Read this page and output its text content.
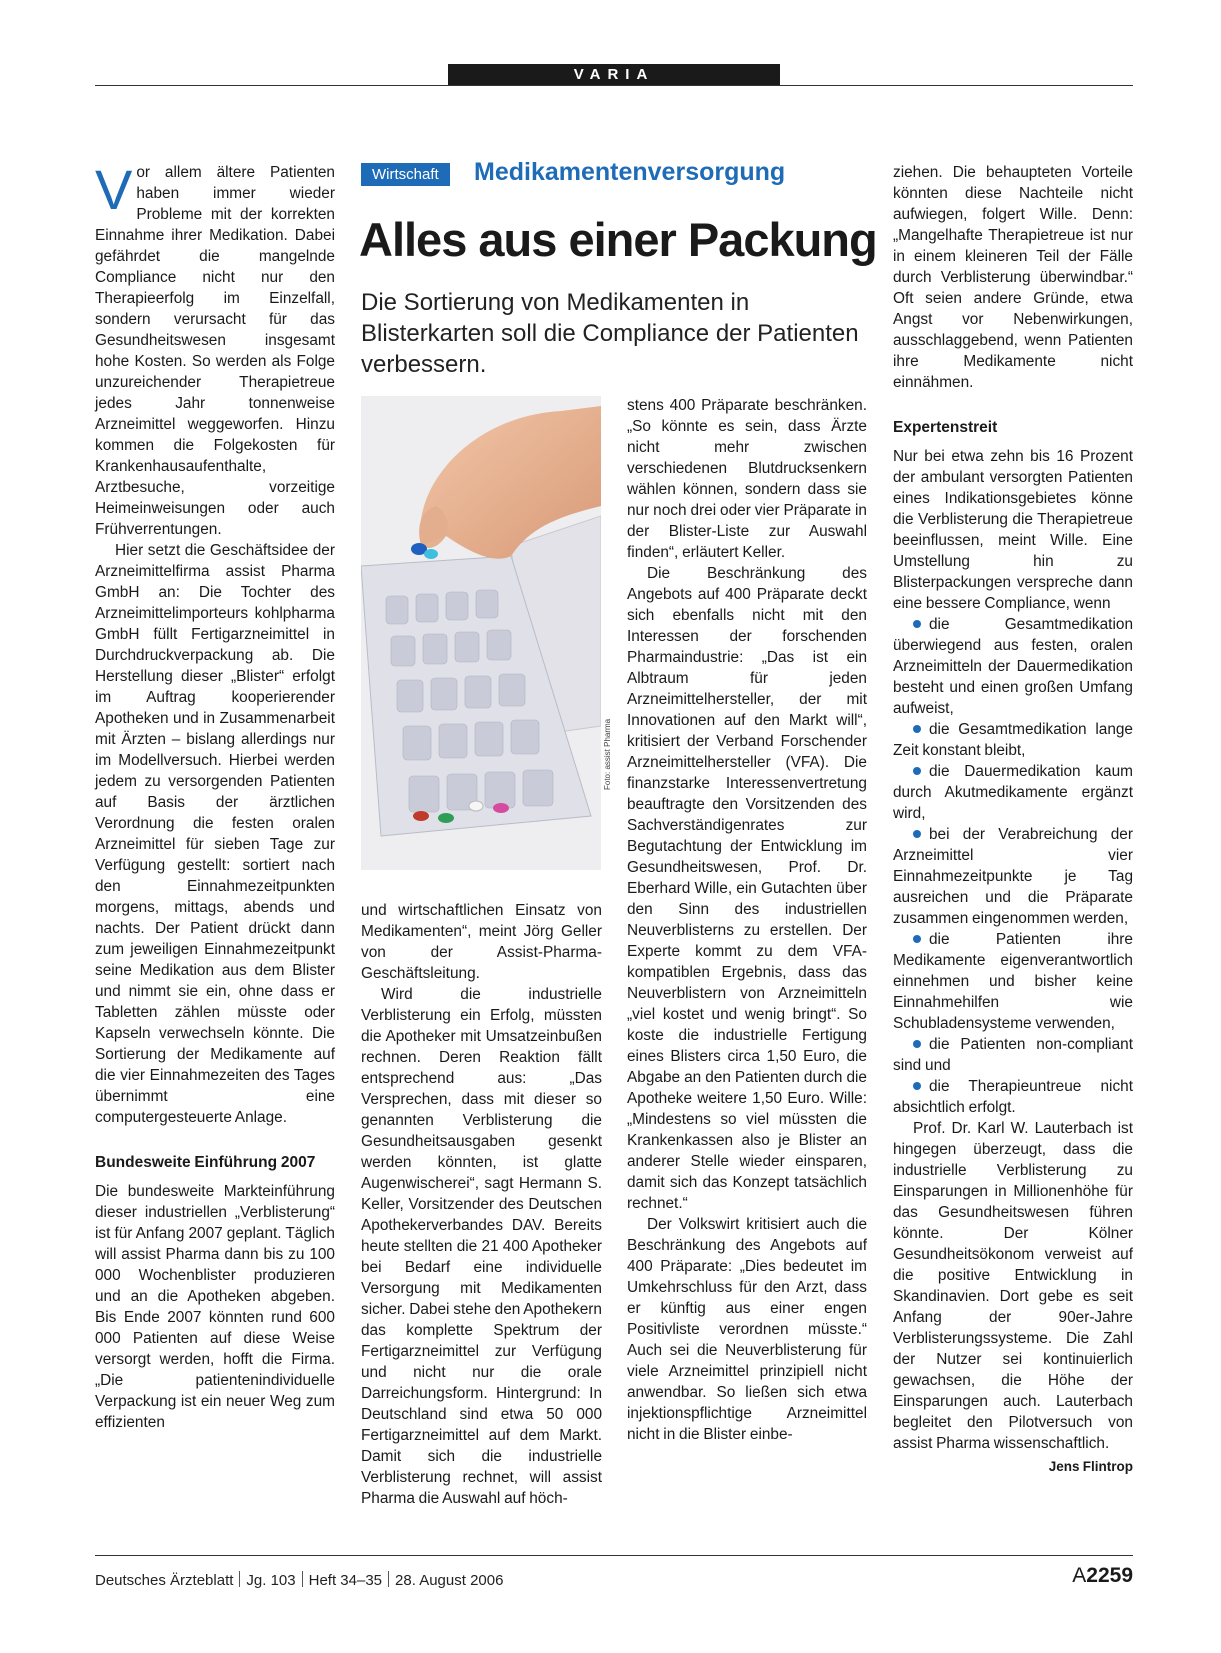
VARIA

Vor allem ältere Patienten haben immer wieder Probleme mit der korrekten Einnahme ihrer Medikation. Dabei gefährdet die mangelnde Compliance nicht nur den Therapieerfolg im Einzelfall, sondern verursacht für das Gesundheitswesen insgesamt hohe Kosten. So werden als Folge unzureichender Therapietreue jedes Jahr tonnenweise Arzneimittel weggeworfen. Hinzu kommen die Folgekosten für Krankenhausaufenthalte, Arztbesuche, vorzeitige Heimeinweisungen oder auch Frühverrentungen.

Hier setzt die Geschäftsidee der Arzneimittelfirma assist Pharma GmbH an: Die Tochter des Arzneimittelimporteurs kohlpharma GmbH füllt Fertigarzneimittel in Durchdruckverpackung ab. Die Herstellung dieser „Blister“ erfolgt im Auftrag kooperierender Apotheken und in Zusammenarbeit mit Ärzten – bislang allerdings nur im Modellversuch. Hierbei werden jedem zu versorgenden Patienten auf Basis der ärztlichen Verordnung die festen oralen Arzneimittel für sieben Tage zur Verfügung gestellt: sortiert nach den Einnahmezeitpunkten morgens, mittags, abends und nachts. Der Patient drückt dann zum jeweiligen Einnahmezeitpunkt seine Medikation aus dem Blister und nimmt sie ein, ohne dass er Tabletten zählen müsste oder Kapseln verwechseln könnte. Die Sortierung der Medikamente auf die vier Einnahmezeiten des Tages übernimmt eine computergesteuerte Anlage.

Bundesweite Einführung 2007

Die bundesweite Markteinführung dieser industriellen „Verblisterung“ ist für Anfang 2007 geplant. Täglich will assist Pharma dann bis zu 100 000 Wochenblister produzieren und an die Apotheken abgeben. Bis Ende 2007 könnten rund 600 000 Patienten auf diese Weise versorgt werden, hofft die Firma. „Die patientenindividuelle Verpackung ist ein neuer Weg zum effizienten

Wirtschaft	Medikamentenversorgung
Alles aus einer Packung
Die Sortierung von Medikamenten in Blisterkarten soll die Compliance der Patienten verbessern.
Foto: assist Pharma

und wirtschaftlichen Einsatz von Medikamenten“, meint Jörg Geller von der Assist-Pharma-Geschäftsleitung.

Wird die industrielle Verblisterung ein Erfolg, müssten die Apotheker mit Umsatzeinbußen rechnen. Deren Reaktion fällt entsprechend aus: „Das Versprechen, dass mit dieser so genannten Verblisterung die Gesundheitsausgaben gesenkt werden könnten, ist glatte Augenwischerei“, sagt Hermann S. Keller, Vorsitzender des Deutschen Apothekerverbandes DAV. Bereits heute stellten die 21 400 Apotheker bei Bedarf eine individuelle Versorgung mit Medikamenten sicher. Dabei stehe den Apothekern das komplette Spektrum der Fertigarzneimittel zur Verfügung und nicht nur die orale Darreichungsform. Hintergrund: In Deutschland sind etwa 50 000 Fertigarzneimittel auf dem Markt. Damit sich die industrielle Verblisterung rechnet, will assist Pharma die Auswahl auf höch-

stens 400 Präparate beschränken. „So könnte es sein, dass Ärzte nicht mehr zwischen verschiedenen Blutdrucksenkern wählen können, sondern dass sie nur noch drei oder vier Präparate in der Blister-Liste zur Auswahl finden“, erläutert Keller.

Die Beschränkung des Angebots auf 400 Präparate deckt sich ebenfalls nicht mit den Interessen der forschenden Pharmaindustrie: „Das ist ein Albtraum für jeden Arzneimittelhersteller, der mit Innovationen auf den Markt will“, kritisiert der Verband Forschender Arzneimittelhersteller (VFA). Die finanzstarke Interessenvertretung beauftragte den Vorsitzenden des Sachverständigenrates zur Begutachtung der Entwicklung im Gesundheitswesen, Prof. Dr. Eberhard Wille, ein Gutachten über den Sinn des industriellen Neuverblisterns zu erstellen. Der Experte kommt zu dem VFA-kompatiblen Ergebnis, dass das Neuverblistern von Arzneimitteln „viel kostet und wenig bringt“. So koste die industrielle Fertigung eines Blisters circa 1,50 Euro, die Abgabe an den Patienten durch die Apotheke weitere 1,50 Euro. Wille: „Mindestens so viel müssten die Krankenkassen also je Blister an anderer Stelle wieder einsparen, damit sich das Konzept tatsächlich rechnet.“

Der Volkswirt kritisiert auch die Beschränkung des Angebots auf 400 Präparate: „Dies bedeutet im Umkehrschluss für den Arzt, dass er künftig aus einer engen Positivliste verordnen müsste.“ Auch sei die Neuverblisterung für viele Arzneimittel prinzipiell nicht anwendbar. So ließen sich etwa injektionspflichtige Arzneimittel nicht in die Blister einbe-

ziehen. Die behaupteten Vorteile könnten diese Nachteile nicht aufwiegen, folgert Wille. Denn: „Mangelhafte Therapietreue ist nur in einem kleineren Teil der Fälle durch Verblisterung überwindbar.“ Oft seien andere Gründe, etwa Angst vor Nebenwirkungen, ausschlaggebend, wenn Patienten ihre Medikamente nicht einnähmen.

Expertenstreit

Nur bei etwa zehn bis 16 Prozent der ambulant versorgten Patienten eines Indikationsgebietes könne die Verblisterung die Therapietreue beeinflussen, meint Wille. Eine Umstellung hin zu Blisterpackungen verspreche dann eine bessere Compliance, wenn

die Gesamtmedikation überwiegend aus festen, oralen Arzneimitteln der Dauermedikation besteht und einen großen Umfang aufweist,

die Gesamtmedikation lange Zeit konstant bleibt,

die Dauermedikation kaum durch Akutmedikamente ergänzt wird,

bei der Verabreichung der Arzneimittel vier Einnahmezeitpunkte je Tag ausreichen und die Präparate zusammen eingenommen werden,

die Patienten ihre Medikamente eigenverantwortlich einnehmen und bisher keine Einnahmehilfen wie Schubladensysteme verwenden,

die Patienten non-compliant sind und

die Therapieuntreue nicht absichtlich erfolgt.

Prof. Dr. Karl W. Lauterbach ist hingegen überzeugt, dass die industrielle Verblisterung zu Einsparungen in Millionenhöhe für das Gesundheitswesen führen könnte. Der Kölner Gesundheitsökonom verweist auf die positive Entwicklung in Skandinavien. Dort gebe es seit Anfang der 90er-Jahre Verblisterungssysteme. Die Zahl der Nutzer sei kontinuierlich gewachsen, die Höhe der Einsparungen auch. Lauterbach begleitet den Pilotversuch von assist Pharma wissenschaftlich.
Jens Flintrop

Deutsches Ärzteblatt Jg. 103 Heft 34–35 28. August 2006	A2259
